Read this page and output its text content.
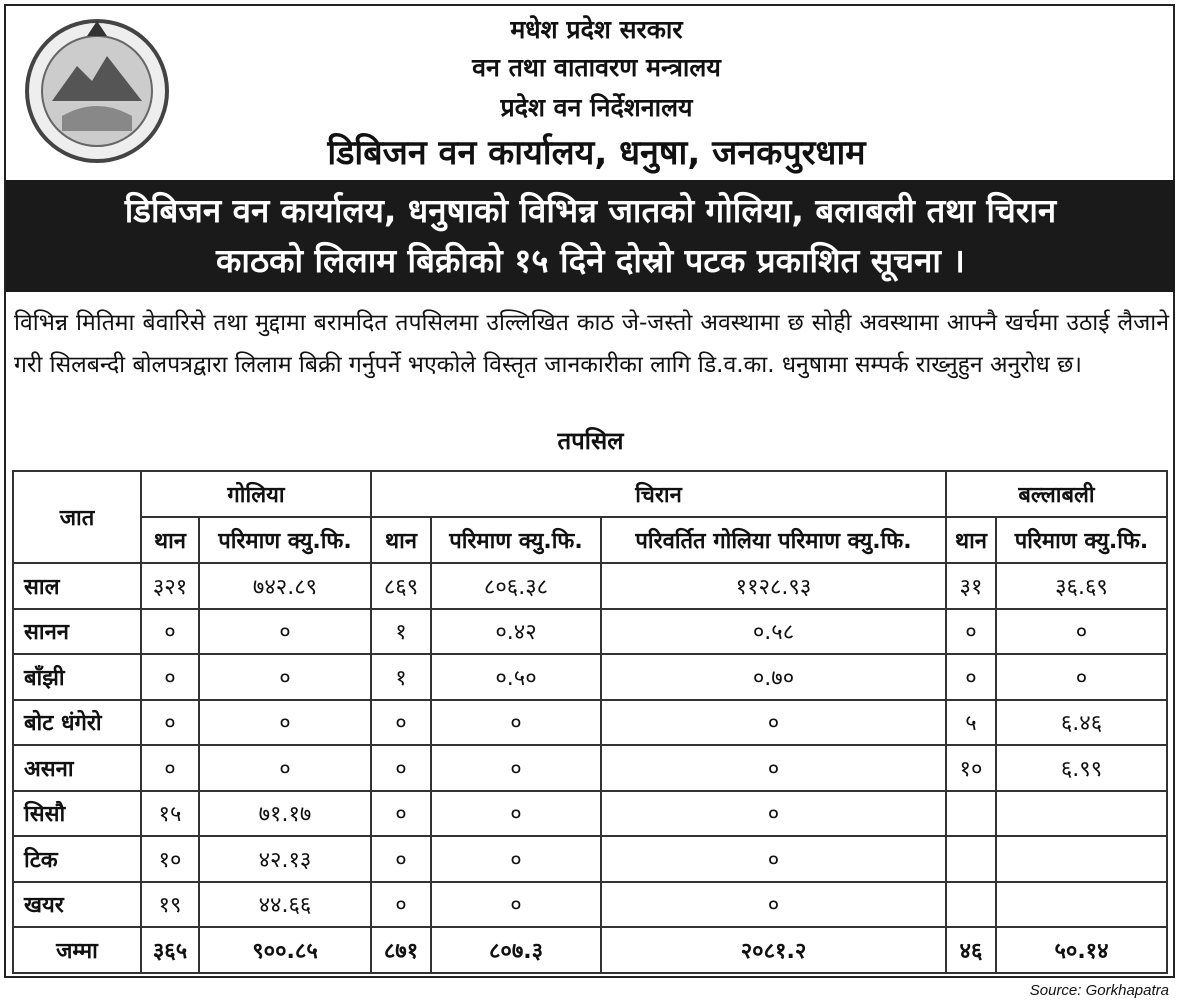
मधेश प्रदेश सरकार
वन तथा वातावरण मन्त्रालय
प्रदेश वन निर्देशनालय
डिबिजन वन कार्यालय, धनुषा, जनकपुरधाम
डिबिजन वन कार्यालय, धनुषाको विभिन्न जातको गोलिया, बलाबली तथा चिरान
काठको लिलाम बिक्रीको १५ दिने दोस्रो पटक प्रकाशित सूचना ।
विभिन्न मितिमा बेवारिसे तथा मुद्दामा बरामदित तपसिलमा उल्लिखित काठ जे-जस्तो अवस्थामा छ सोही अवस्थामा आफ्नै खर्चमा उठाई लैजाने गरी सिलबन्दी बोलपत्रद्वारा लिलाम बिक्री गर्नुपर्ने भएकोले विस्तृत जानकारीका लागि डि.व.का. धनुषामा सम्पर्क राख्नुहुन अनुरोध छ।
तपसिल
जात	गोलिया		चिरान			बल्लाबली	
	थान	परिमाण क्यु.फि.	थान	परिमाण क्यु.फि.	परिवर्तित गोलिया परिमाण क्यु.फि.	थान	परिमाण क्यु.फि.
साल	३२१	७४२.८९	८६९	८०६.३८	११२८.९३	३१	३६.६९
सानन	०	०	१	०.४२	०.५८	०	०
बाँझी	०	०	१	०.५०	०.७०	०	०
बोट धंगेरो	०	०	०	०	०	५	६.४६
असना	०	०	०	०	०	१०	६.९९
सिसौ	१५	७१.१७	०	०	०		
टिक	१०	४२.१३	०	०	०		
खयर	१९	४४.६६	०	०	०		
जम्मा	३६५	९००.८५	८७१	८०७.३	२०८१.२	४६	५०.१४
Source: Gorkhapatra
